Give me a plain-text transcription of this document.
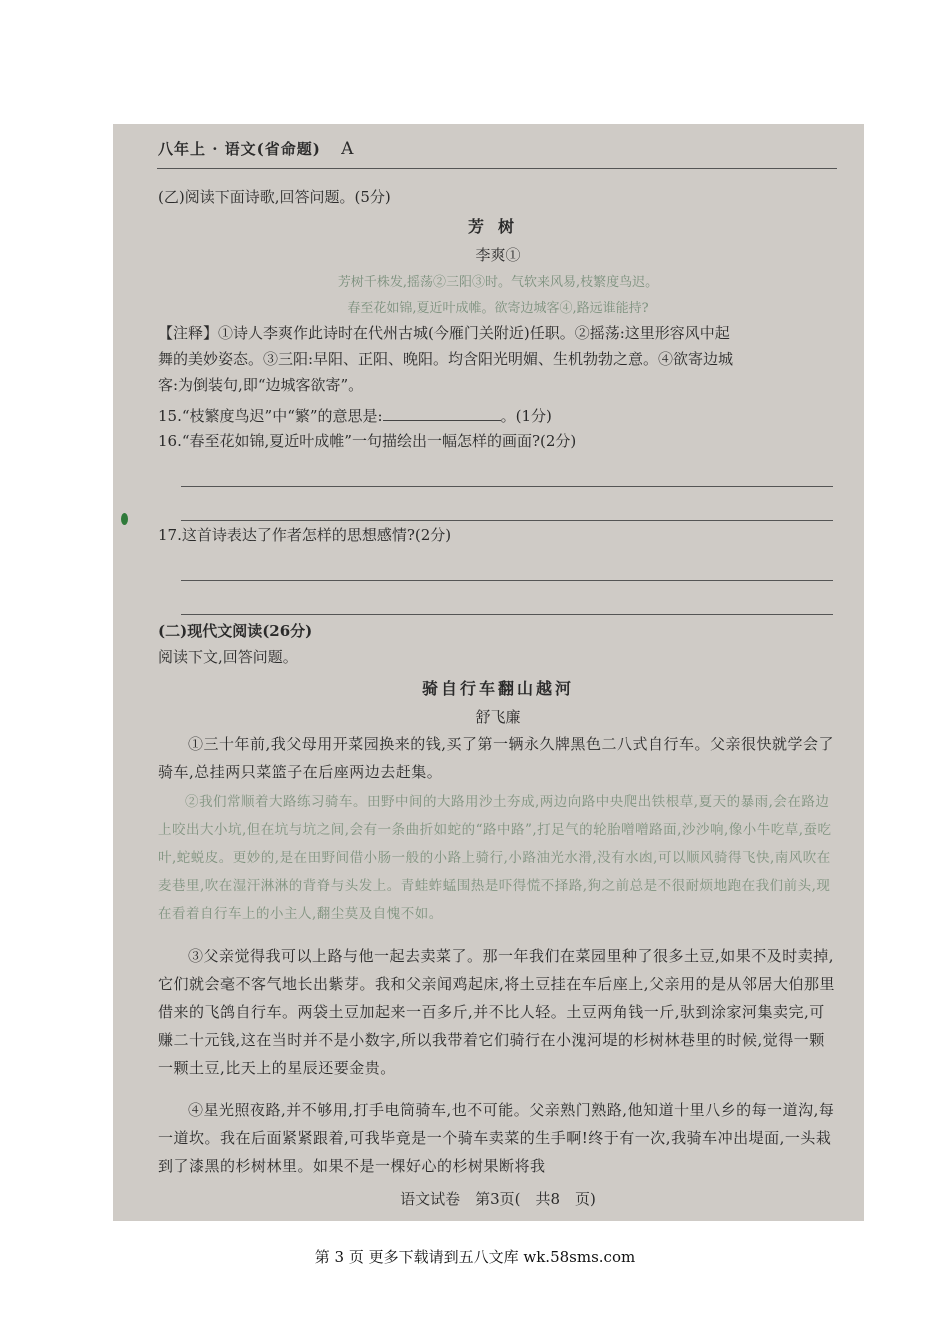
八年上 · 语文(省命题) A
(乙)阅读下面诗歌,回答问题。(5分)
芳树
李爽①
芳树千株发,摇荡②三阳③时。气软来风易,枝繁度鸟迟。
春至花如锦,夏近叶成帷。欲寄边城客④,路远谁能持?
【注释】①诗人李爽作此诗时在代州古城(今雁门关附近)任职。②摇荡:这里形容风中起
舞的美妙姿态。③三阳:早阳、正阳、晚阳。均含阳光明媚、生机勃勃之意。④欲寄边城
客:为倒装句,即“边城客欲寄”。
15.“枝繁度鸟迟”中“繁”的意思是:	。(1分)
16.“春至花如锦,夏近叶成帷”一句描绘出一幅怎样的画面?(2分)
17.这首诗表达了作者怎样的思想感情?(2分)
(二)现代文阅读(26分)
阅读下文,回答问题。
骑自行车翻山越河
舒飞廉
①三十年前,我父母用开菜园换来的钱,买了第一辆永久牌黑色二八式自行车。父亲很快就学会了骑车,总挂两只菜篮子在后座两边去赶集。
②我们常顺着大路练习骑车。田野中间的大路用沙土夯成,两边向路中央爬出铁根草,夏天的暴雨,会在路边上咬出大小坑,但在坑与坑之间,会有一条曲折如蛇的“路中路”,打足气的轮胎噌噌路面,沙沙响,像小牛吃草,蚕吃叶,蛇蜕皮。更妙的,是在田野间借小肠一般的小路上骑行,小路油光水滑,没有水凼,可以顺风骑得飞快,南风吹在麦巷里,吹在湿汗淋淋的背脊与头发上。青蛙蚱蜢围热是吓得慌不择路,狗之前总是不很耐烦地跑在我们前头,现在看着自行车上的小主人,翻尘莫及自愧不如。
③父亲觉得我可以上路与他一起去卖菜了。那一年我们在菜园里种了很多土豆,如果不及时卖掉,它们就会毫不客气地长出紫芽。我和父亲闻鸡起床,将土豆挂在车后座上,父亲用的是从邻居大伯那里借来的飞鸽自行车。两袋土豆加起来一百多斤,并不比人轻。土豆两角钱一斤,驮到涂家河集卖完,可赚二十元钱,这在当时并不是小数字,所以我带着它们骑行在小溾河堤的杉树林巷里的时候,觉得一颗一颗土豆,比天上的星辰还要金贵。
④星光照夜路,并不够用,打手电筒骑车,也不可能。父亲熟门熟路,他知道十里八乡的每一道沟,每一道坎。我在后面紧紧跟着,可我毕竟是一个骑车卖菜的生手啊!终于有一次,我骑车冲出堤面,一头栽到了漆黑的杉树林里。如果不是一棵好心的杉树果断将我
语文试卷　第3页(　共8　页)
第 3 页 更多下载请到五八文库 wk.58sms.com
